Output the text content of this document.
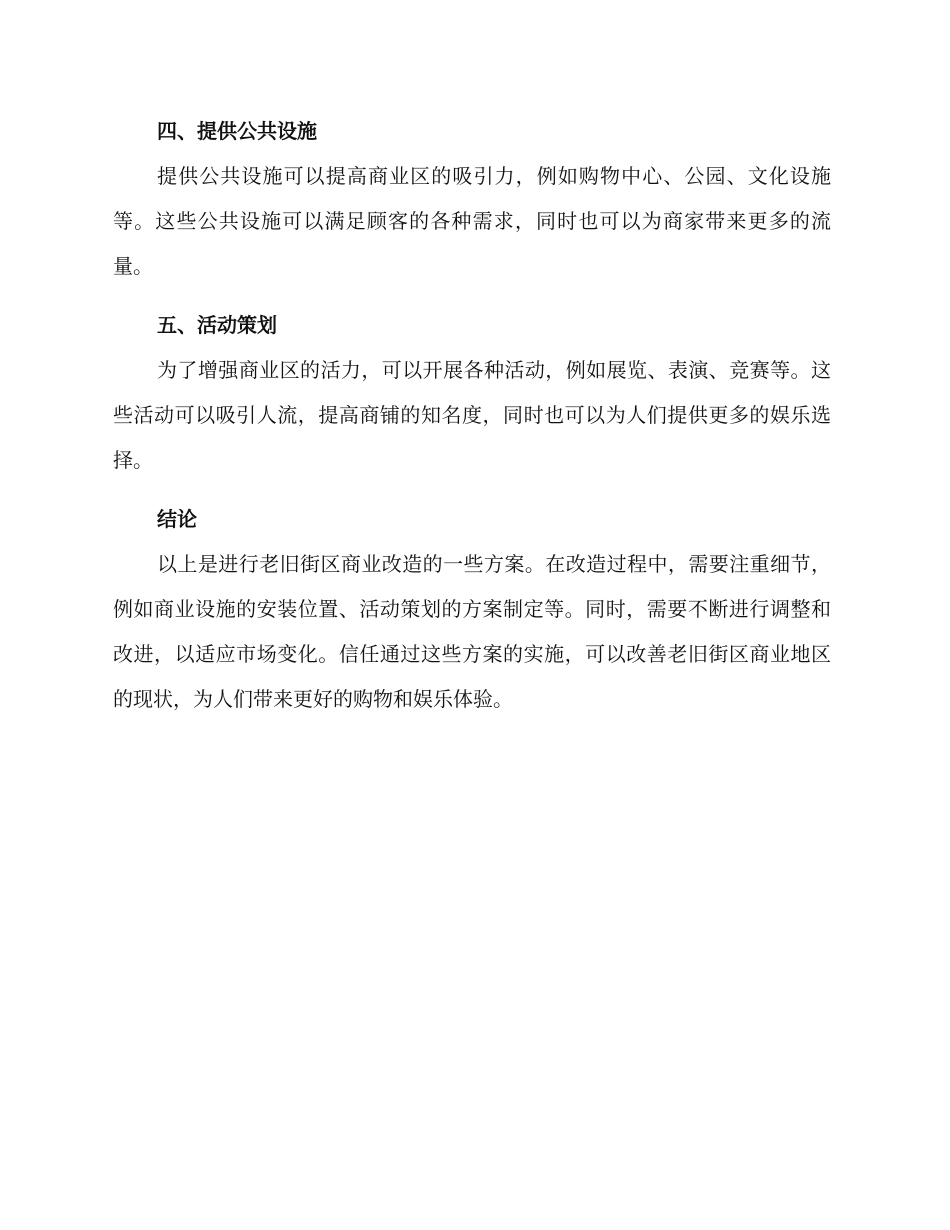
四、提供公共设施

提供公共设施可以提高商业区的吸引力，例如购物中心、公园、文化设施等。这些公共设施可以满足顾客的各种需求，同时也可以为商家带来更多的流量。

五、活动策划

为了增强商业区的活力，可以开展各种活动，例如展览、表演、竞赛等。这些活动可以吸引人流，提高商铺的知名度，同时也可以为人们提供更多的娱乐选择。

结论

以上是进行老旧街区商业改造的一些方案。在改造过程中，需要注重细节，例如商业设施的安装位置、活动策划的方案制定等。同时，需要不断进行调整和改进，以适应市场变化。信任通过这些方案的实施，可以改善老旧街区商业地区的现状，为人们带来更好的购物和娱乐体验。
